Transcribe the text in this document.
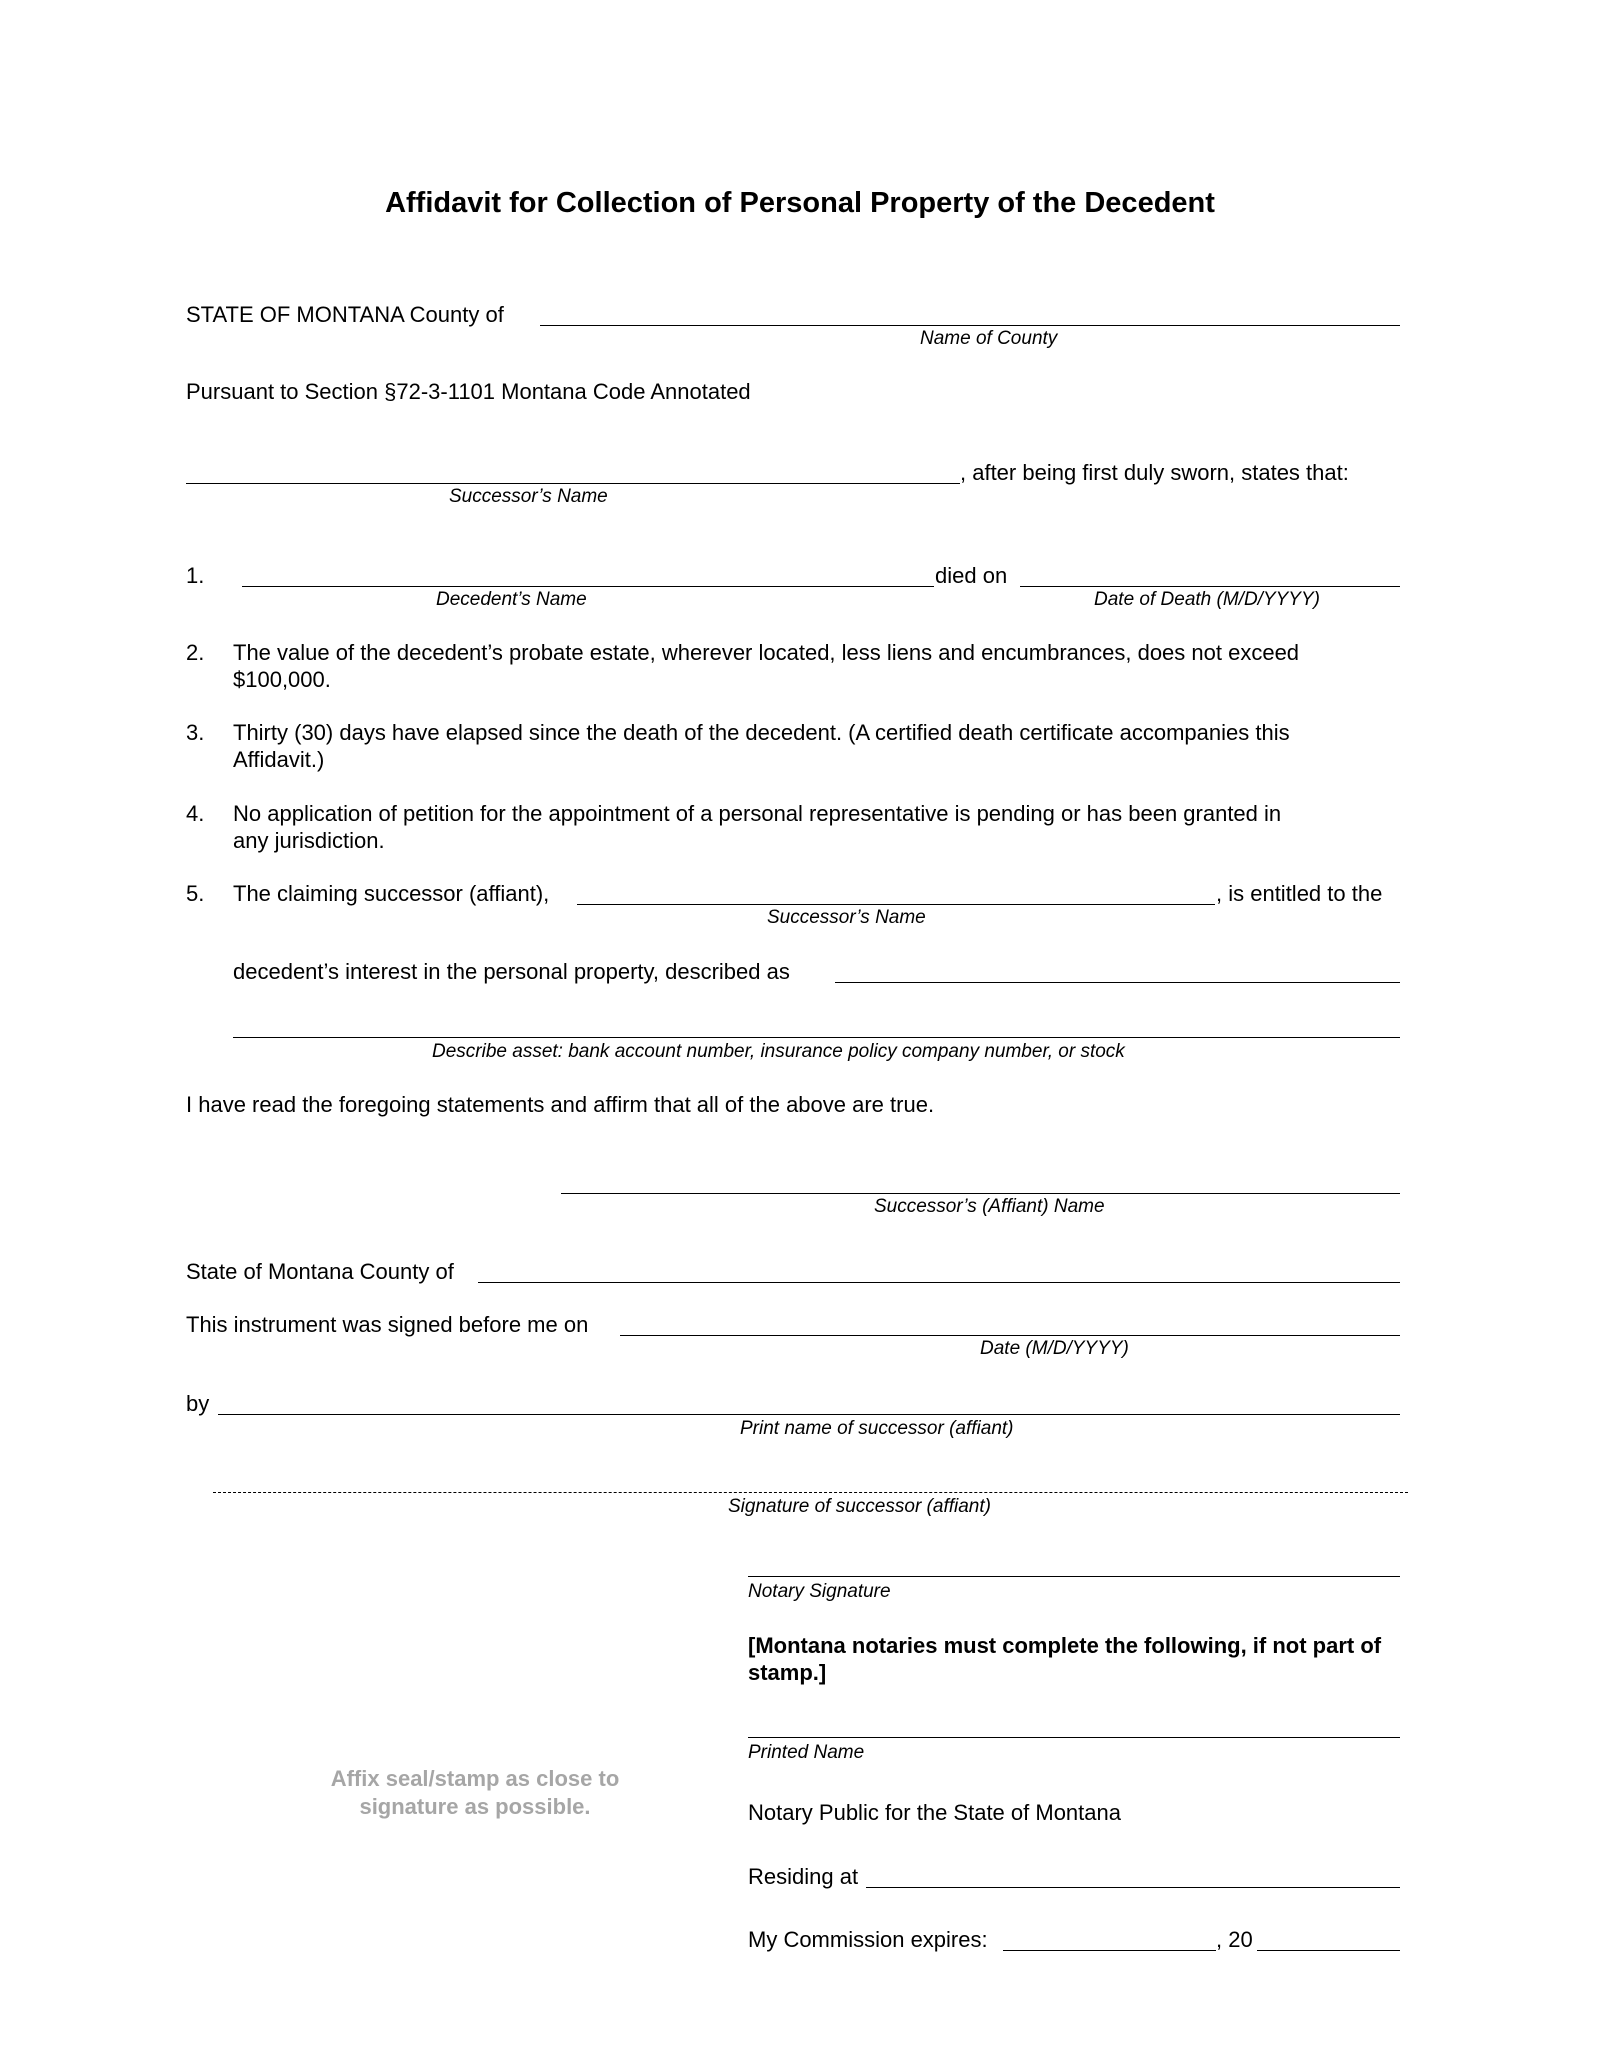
Affidavit for Collection of Personal Property of the Decedent
STATE OF MONTANA County of
Name of County
Pursuant to Section §72-3-1101 Montana Code Annotated
, after being first duly sworn, states that:
Successor’s Name
1.	died on
Decedent’s Name	Date of Death (M/D/YYYY)
2. The value of the decedent’s probate estate, wherever located, less liens and encumbrances, does not exceed
$100,000.
3. Thirty (30) days have elapsed since the death of the decedent. (A certified death certificate accompanies this
Affidavit.)
4. No application of petition for the appointment of a personal representative is pending or has been granted in
any jurisdiction.
5. The claiming successor (affiant),	, is entitled to the
Successor’s Name
decedent’s interest in the personal property, described as
Describe asset: bank account number, insurance policy company number, or stock
I have read the foregoing statements and affirm that all of the above are true.
Successor’s (Affiant) Name
State of Montana County of
This instrument was signed before me on
Date (M/D/YYYY)
by
Print name of successor (affiant)
Signature of successor (affiant)
Notary Signature
[Montana notaries must complete the following, if not part of stamp.]
Printed Name
Affix seal/stamp as close to signature as possible.	Notary Public for the State of Montana
Residing at
My Commission expires:	, 20
